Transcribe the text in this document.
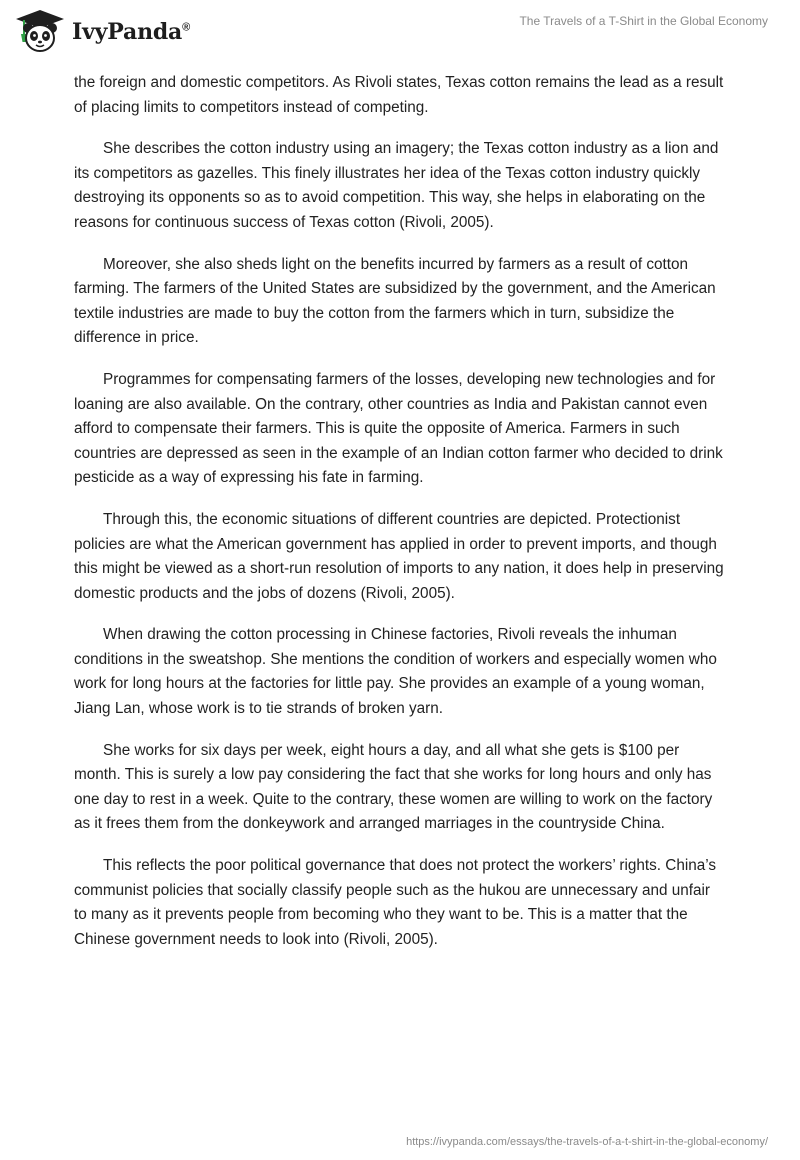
IvyPanda®	The Travels of a T-Shirt in the Global Economy

the foreign and domestic competitors. As Rivoli states, Texas cotton remains the lead as a result of placing limits to competitors instead of competing.

She describes the cotton industry using an imagery; the Texas cotton industry as a lion and its competitors as gazelles. This finely illustrates her idea of the Texas cotton industry quickly destroying its opponents so as to avoid competition. This way, she helps in elaborating on the reasons for continuous success of Texas cotton (Rivoli, 2005).

Moreover, she also sheds light on the benefits incurred by farmers as a result of cotton farming. The farmers of the United States are subsidized by the government, and the American textile industries are made to buy the cotton from the farmers which in turn, subsidize the difference in price.

Programmes for compensating farmers of the losses, developing new technologies and for loaning are also available. On the contrary, other countries as India and Pakistan cannot even afford to compensate their farmers. This is quite the opposite of America. Farmers in such countries are depressed as seen in the example of an Indian cotton farmer who decided to drink pesticide as a way of expressing his fate in farming.

Through this, the economic situations of different countries are depicted. Protectionist policies are what the American government has applied in order to prevent imports, and though this might be viewed as a short-run resolution of imports to any nation, it does help in preserving domestic products and the jobs of dozens (Rivoli, 2005).

When drawing the cotton processing in Chinese factories, Rivoli reveals the inhuman conditions in the sweatshop. She mentions the condition of workers and especially women who work for long hours at the factories for little pay. She provides an example of a young woman, Jiang Lan, whose work is to tie strands of broken yarn.

She works for six days per week, eight hours a day, and all what she gets is $100 per month. This is surely a low pay considering the fact that she works for long hours and only has one day to rest in a week. Quite to the contrary, these women are willing to work on the factory as it frees them from the donkeywork and arranged marriages in the countryside China.

This reflects the poor political governance that does not protect the workers’ rights. China’s communist policies that socially classify people such as the hukou are unnecessary and unfair to many as it prevents people from becoming who they want to be. This is a matter that the Chinese government needs to look into (Rivoli, 2005).

https://ivypanda.com/essays/the-travels-of-a-t-shirt-in-the-global-economy/
